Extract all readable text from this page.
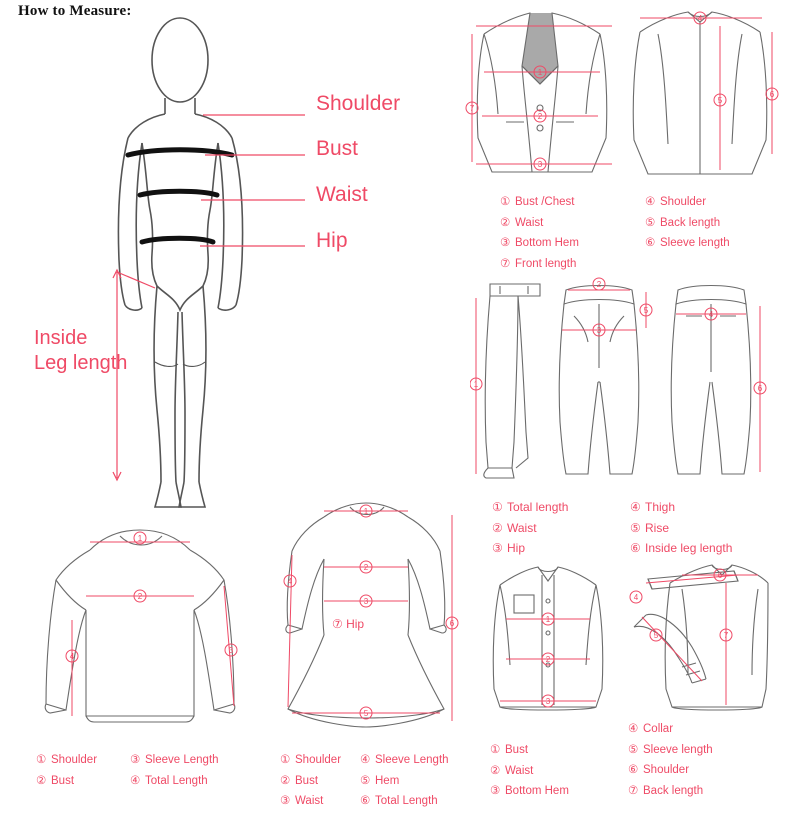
How to Measure:
Shoulder
Bust
Waist
Hip
Inside
Leg length
1
2
3
7
4
5
6
① Bust /Chest
② Waist
③ Bottom Hem
⑦ Front length
④ Shoulder
⑤ Back length
⑥ Sleeve length
1
2
3
4
5
6
① Total length
② Waist
③ Hip
④ Thigh
⑤ Rise
⑥ Inside leg length
1
2
4
3
① Shoulder
② Bust
③ Sleeve Length
④ Total Length
1
2
3
4
5
6
⑦ Hip
① Shoulder
② Bust
③ Waist
④ Sleeve Length
⑤ Hem
⑥ Total Length
1
2
3
4
5
6
7
① Bust
② Waist
③ Bottom Hem
④ Collar
⑤ Sleeve length
⑥ Shoulder
⑦ Back length
